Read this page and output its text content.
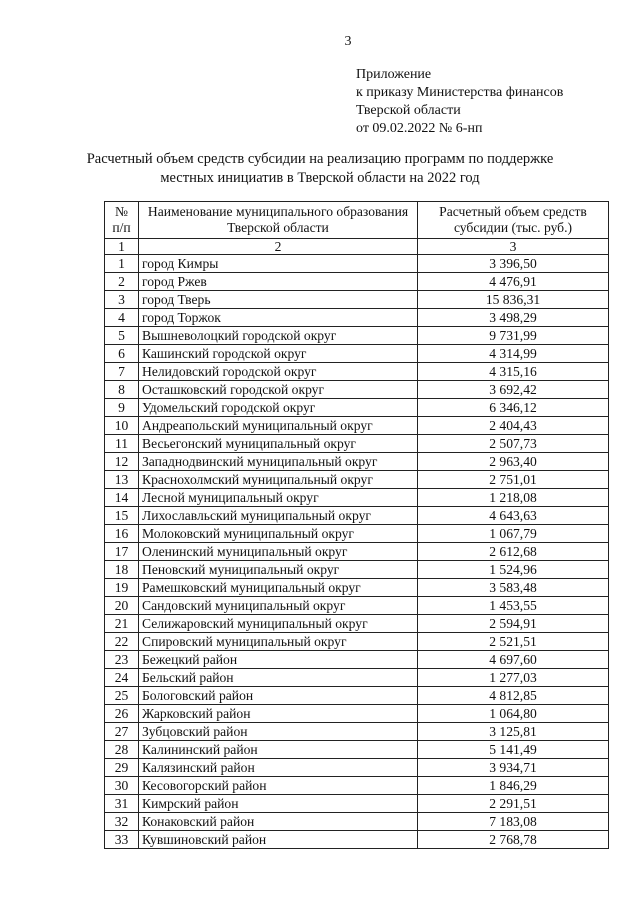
3
Приложение
к приказу Министерства финансов
Тверской области
от 09.02.2022 № 6-нп
Расчетный объем средств субсидии на реализацию программ по поддержке
местных инициатив в Тверской области на 2022 год
№ п/п	Наименование муниципального образования Тверской области	Расчетный объем средств субсидии (тыс. руб.)
1	2	3
1	город Кимры	3 396,50
2	город Ржев	4 476,91
3	город Тверь	15 836,31
4	город Торжок	3 498,29
5	Вышневолоцкий городской округ	9 731,99
6	Кашинский городской округ	4 314,99
7	Нелидовский городской округ	4 315,16
8	Осташковский городской округ	3 692,42
9	Удомельский городской округ	6 346,12
10	Андреапольский муниципальный округ	2 404,43
11	Весьегонский муниципальный округ	2 507,73
12	Западнодвинский муниципальный округ	2 963,40
13	Краснохолмский муниципальный округ	2 751,01
14	Лесной муниципальный округ	1 218,08
15	Лихославльский муниципальный округ	4 643,63
16	Молоковский муниципальный округ	1 067,79
17	Оленинский муниципальный округ	2 612,68
18	Пеновский муниципальный округ	1 524,96
19	Рамешковский муниципальный округ	3 583,48
20	Сандовский муниципальный округ	1 453,55
21	Селижаровский муниципальный округ	2 594,91
22	Спировский муниципальный округ	2 521,51
23	Бежецкий район	4 697,60
24	Бельский район	1 277,03
25	Бологовский район	4 812,85
26	Жарковский район	1 064,80
27	Зубцовский район	3 125,81
28	Калининский район	5 141,49
29	Калязинский район	3 934,71
30	Кесовогорский район	1 846,29
31	Кимрский район	2 291,51
32	Конаковский район	7 183,08
33	Кувшиновский район	2 768,78
